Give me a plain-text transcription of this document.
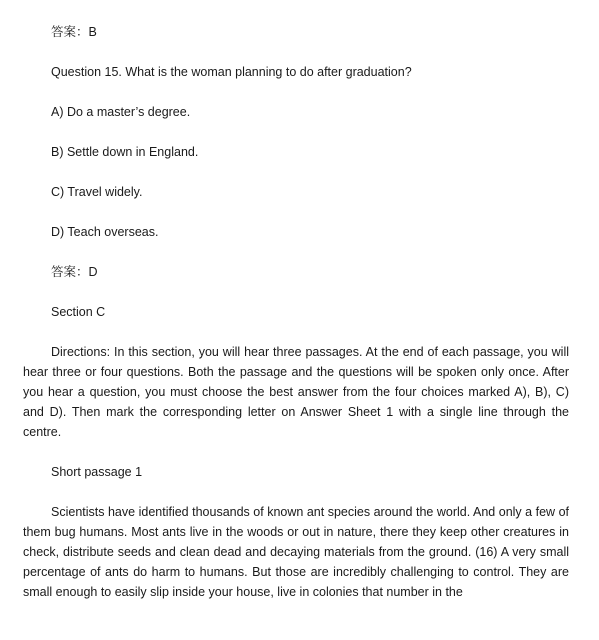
答案：B

Question 15. What is the woman planning to do after graduation?

A) Do a master’s degree.

B) Settle down in England.

C) Travel widely.

D) Teach overseas.

答案：D

Section C

Directions: In this section, you will hear three passages. At the end of each passage, you will hear three or four questions. Both the passage and the questions will be spoken only once. After you hear a question, you must choose the best answer from the four choices marked A), B), C) and D). Then mark the corresponding letter on Answer Sheet 1 with a single line through the centre.

Short passage 1

Scientists have identified thousands of known ant species around the world. And only a few of them bug humans. Most ants live in the woods or out in nature, there they keep other creatures in check, distribute seeds and clean dead and decaying materials from the ground. (16) A very small percentage of ants do harm to humans. But those are incredibly challenging to control. They are small enough to easily slip inside your house, live in colonies that number in the
